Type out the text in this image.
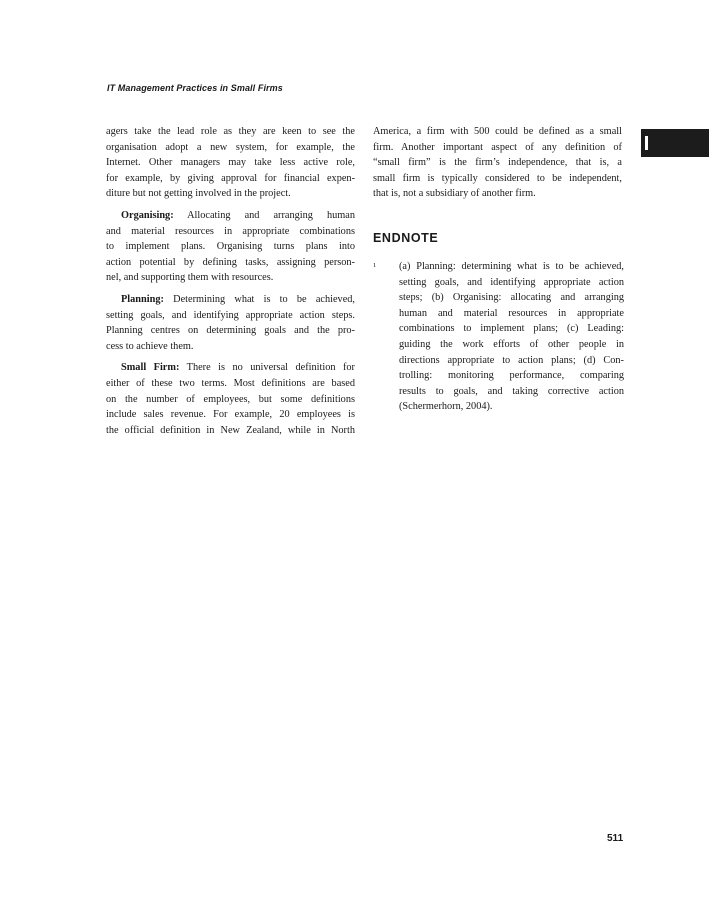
IT Management Practices in Small Firms
agers take the lead role as they are keen to see the
organisation adopt a new system, for example, the
Internet. Other managers may take less active role,
for example, by giving approval for financial expen-
diture but not getting involved in the project.
Organising: Allocating and arranging human
and material resources in appropriate combinations
to implement plans. Organising turns plans into
action potential by defining tasks, assigning person-
nel, and supporting them with resources.
Planning: Determining what is to be achieved,
setting goals, and identifying appropriate action steps.
Planning centres on determining goals and the pro-
cess to achieve them.
Small Firm: There is no universal definition for
either of these two terms. Most definitions are based
on the number of employees, but some definitions
include sales revenue. For example, 20 employees is
the official definition in New Zealand, while in North
America, a firm with 500 could be defined as a small
firm. Another important aspect of any definition of
“small firm” is the firm’s independence, that is, a
small firm is typically considered to be independent,
that is, not a subsidiary of another firm.
ENDNOTE
1 (a) Planning: determining what is to be achieved,
setting goals, and identifying appropriate action
steps; (b) Organising: allocating and arranging
human and material resources in appropriate
combinations to implement plans; (c) Leading:
guiding the work efforts of other people in
directions appropriate to action plans; (d) Con-
trolling: monitoring performance, comparing
results to goals, and taking corrective action
(Schermerhorn, 2004).
511
